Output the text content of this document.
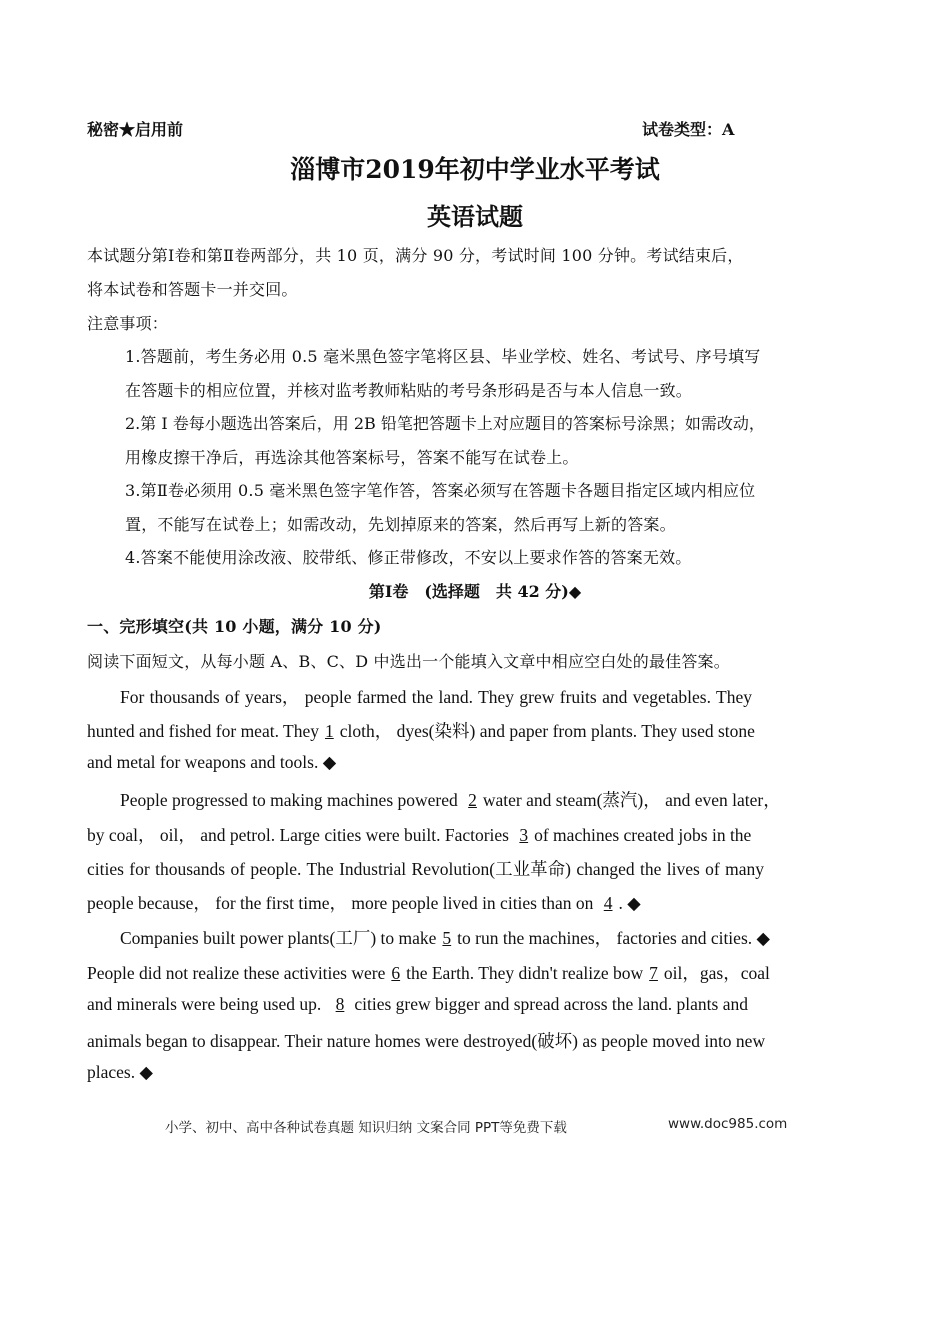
秘密★启用前	试卷类型：A
淄博市2019年初中学业水平考试
英语试题
本试题分第Ⅰ卷和第Ⅱ卷两部分，共 10 页，满分 90 分，考试时间 100 分钟。考试结束后，
将本试卷和答题卡一并交回。
注意事项：
1.答题前，考生务必用 0.5 毫米黑色签字笔将区县、毕业学校、姓名、考试号、序号填写
在答题卡的相应位置，并核对监考教师粘贴的考号条形码是否与本人信息一致。
2.第 I 卷每小题选出答案后，用 2B 铅笔把答题卡上对应题目的答案标号涂黑；如需改动，
用橡皮擦干净后，再选涂其他答案标号，答案不能写在试卷上。
3.第Ⅱ卷必须用 0.5 毫米黑色签字笔作答，答案必须写在答题卡各题目指定区域内相应位
置，不能写在试卷上；如需改动，先划掉原来的答案，然后再写上新的答案。
4.答案不能使用涂改液、胶带纸、修正带修改，不安以上要求作答的答案无效。
第Ⅰ卷　(选择题　共 42 分)◆
一、完形填空(共 10 小题，满分 10 分)
阅读下面短文，从每小题 A、B、C、D 中选出一个能填入文章中相应空白处的最佳答案。
For thousands of years， people farmed the land. They grew fruits and vegetables. They
hunted and fished for meat. They 1 cloth， dyes(染料) and paper from plants. They used stone
and metal for weapons and tools. ◆
People progressed to making machines powered 2 water and steam(蒸汽)， and even later，
by coal， oil， and petrol. Large cities were built. Factories 3 of machines created jobs in the
cities for thousands of people. The Industrial Revolution(工业革命) changed the lives of many
people because， for the first time， more people lived in cities than on 4 . ◆
Companies built power plants(工厂) to make 5 to run the machines， factories and cities. ◆
People did not realize these activities were 6 the Earth. They didn't realize bow 7 oil，gas，coal
and minerals were being used up. 8 cities grew bigger and spread across the land. plants and
animals began to disappear. Their nature homes were destroyed(破坏) as people moved into new
places. ◆
小学、初中、高中各种试卷真题 知识归纳 文案合同 PPT等免费下载	www.doc985.com
